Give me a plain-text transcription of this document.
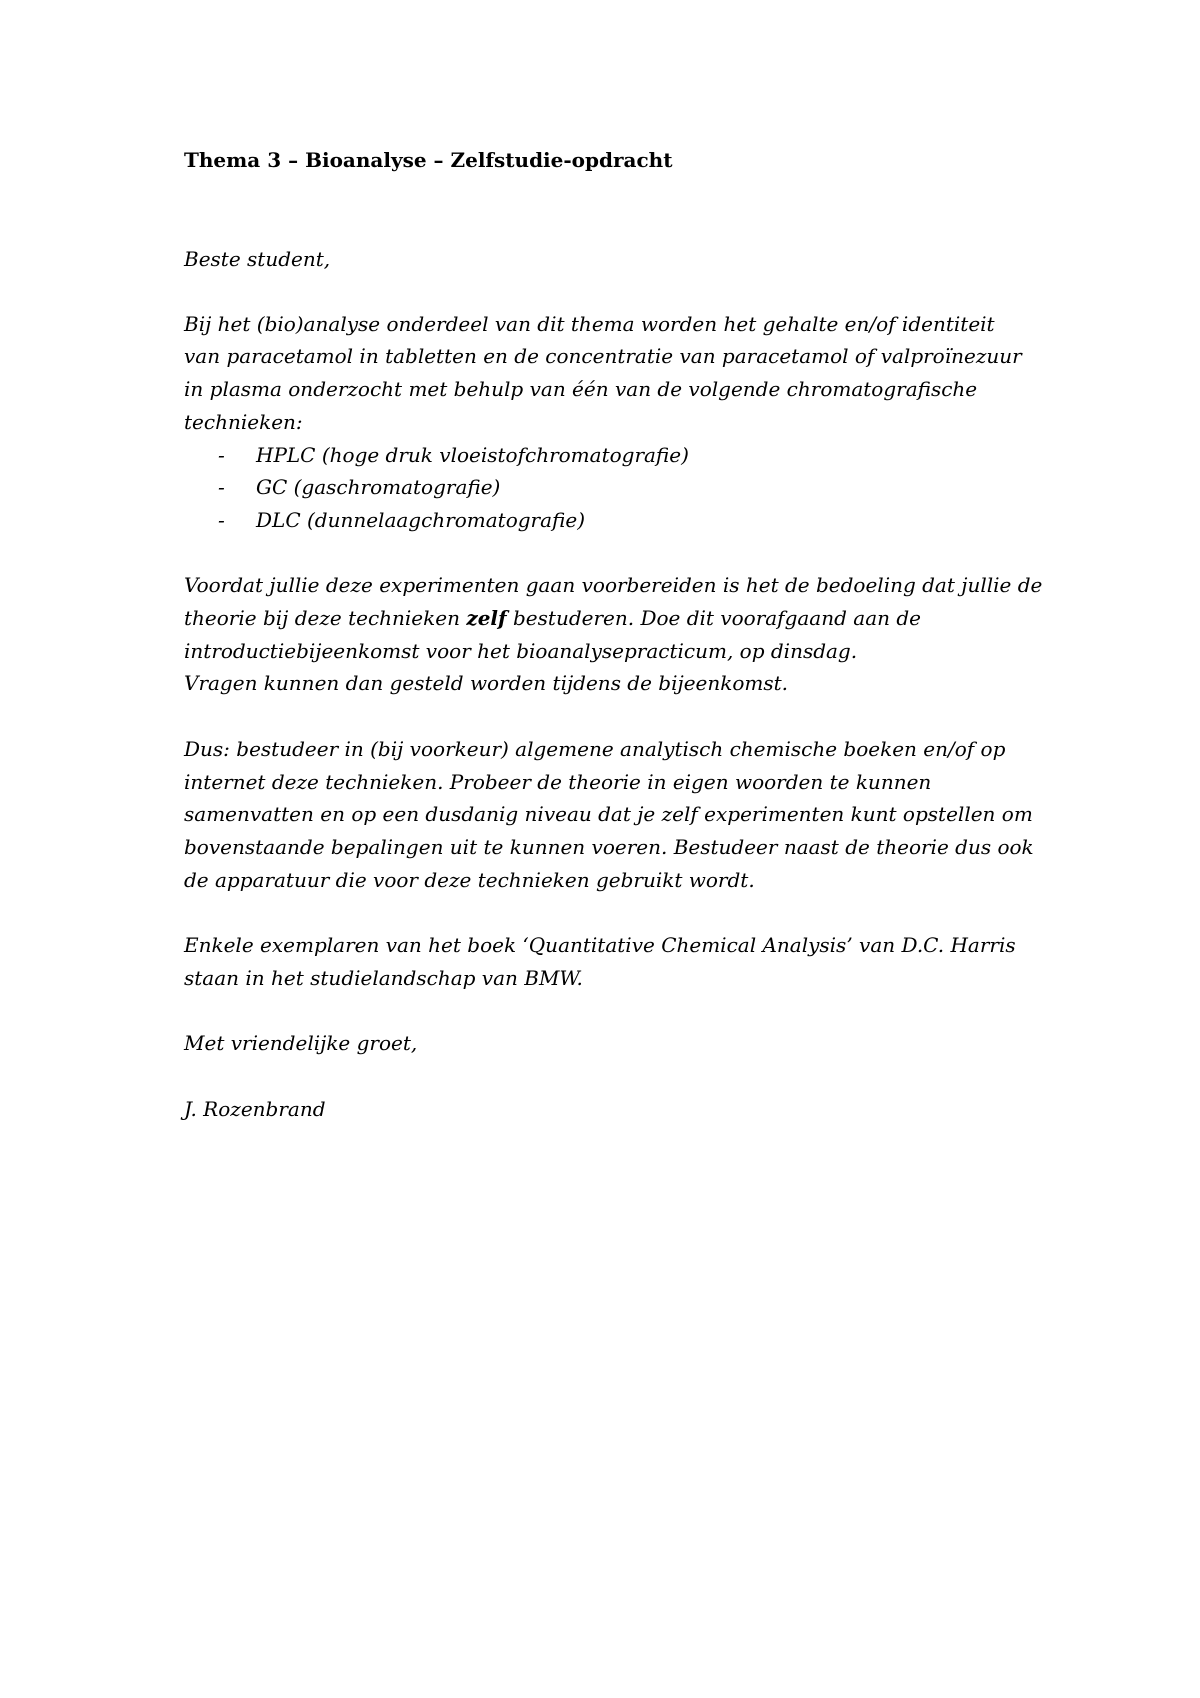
Thema 3 – Bioanalyse – Zelfstudie-opdracht

Beste student,

Bij het (bio)analyse onderdeel van dit thema worden het gehalte en/of identiteit

van paracetamol in tabletten en de concentratie van paracetamol of valproïnezuur

in plasma onderzocht met behulp van één van de volgende chromatografische

technieken:

- HPLC (hoge druk vloeistofchromatografie)
- GC (gaschromatografie)
- DLC (dunnelaagchromatografie)

Voordat jullie deze experimenten gaan voorbereiden is het de bedoeling dat jullie de

theorie bij deze technieken zelf bestuderen. Doe dit voorafgaand aan de

introductiebijeenkomst voor het bioanalysepracticum, op dinsdag.

Vragen kunnen dan gesteld worden tijdens de bijeenkomst.

Dus: bestudeer in (bij voorkeur) algemene analytisch chemische boeken en/of op

internet deze technieken. Probeer de theorie in eigen woorden te kunnen

samenvatten en op een dusdanig niveau dat je zelf experimenten kunt opstellen om

bovenstaande bepalingen uit te kunnen voeren. Bestudeer naast de theorie dus ook

de apparatuur die voor deze technieken gebruikt wordt.

Enkele exemplaren van het boek ‘Quantitative Chemical Analysis’ van D.C. Harris

staan in het studielandschap van BMW.

Met vriendelijke groet,

J. Rozenbrand
